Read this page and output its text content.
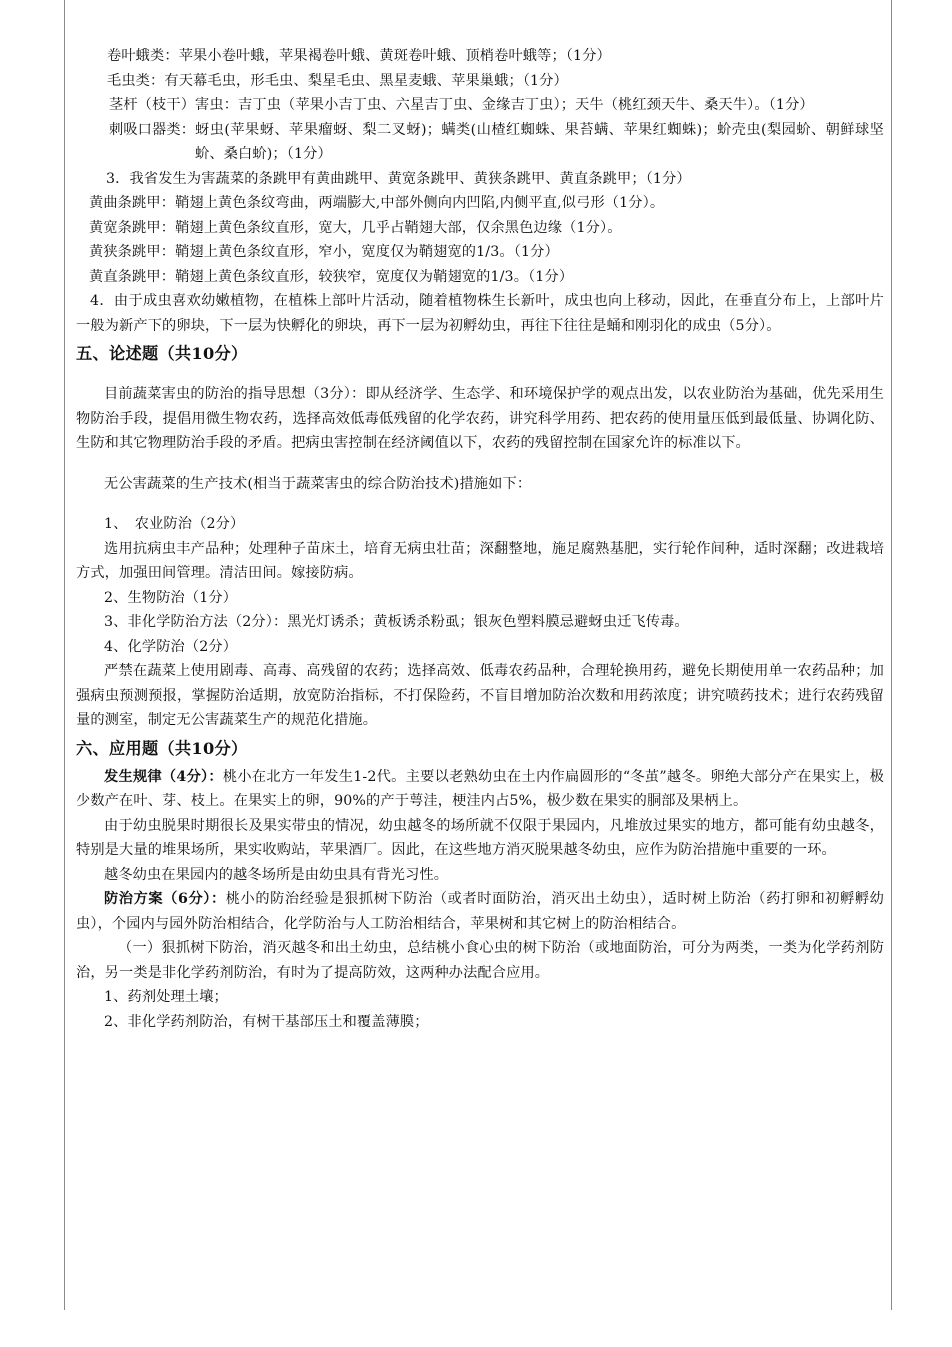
卷叶蛾类：苹果小卷叶蛾，苹果褐卷叶蛾、黄斑卷叶蛾、顶梢卷叶蛾等；（1分）

毛虫类：有天幕毛虫，形毛虫、梨星毛虫、黑星麦蛾、苹果巢蛾；（1分）

茎杆（枝干）害虫： 吉丁虫（苹果小吉丁虫、六星吉丁虫、金缘吉丁虫）；天牛（桃红颈天牛、桑天牛）。（1分）

刺吸口器类： 蚜虫(苹果蚜、苹果瘤蚜、梨二叉蚜)；螨类(山楂红蜘蛛、果苔螨、苹果红蜘蛛)；蚧壳虫(梨园蚧、朝鲜球坚蚧、桑白蚧)；（1分）

3．我省发生为害蔬菜的条跳甲有黄曲跳甲、黄宽条跳甲、黄狭条跳甲、黄直条跳甲；（1分）

黄曲条跳甲：鞘翅上黄色条纹弯曲，两端膨大,中部外侧向内凹陷,内侧平直,似弓形（1分）。

黄宽条跳甲：鞘翅上黄色条纹直形，宽大，几乎占鞘翅大部，仅余黑色边缘（1分）。

黄狭条跳甲：鞘翅上黄色条纹直形，窄小，宽度仅为鞘翅宽的1/3。（1分）

黄直条跳甲：鞘翅上黄色条纹直形，较狭窄，宽度仅为鞘翅宽的1/3。（1分）

4．由于成虫喜欢幼嫩植物，在植株上部叶片活动，随着植物株生长新叶，成虫也向上移动，因此，在垂直分布上，上部叶片一般为新产下的卵块，下一层为快孵化的卵块，再下一层为初孵幼虫，再往下往往是蛹和刚羽化的成虫（5分）。

五、论述题（共10分）

目前蔬菜害虫的防治的指导思想（3分）：即从经济学、生态学、和环境保护学的观点出发，以农业防治为基础，优先采用生物防治手段，提倡用微生物农药，选择高效低毒低残留的化学农药，讲究科学用药、把农药的使用量压低到最低量、协调化防、生防和其它物理防治手段的矛盾。把病虫害控制在经济阈值以下，农药的残留控制在国家允许的标准以下。

无公害蔬菜的生产技术(相当于蔬菜害虫的综合防治技术)措施如下：

1、　农业防治（2分）

选用抗病虫丰产品种；处理种子苗床土，培育无病虫壮苗；深翻整地，施足腐熟基肥，实行轮作间种，适时深翻；改进栽培方式，加强田间管理。清洁田间。嫁接防病。

2、生物防治（1分）

3、非化学防治方法（2分）：黑光灯诱杀；黄板诱杀粉虱；银灰色塑料膜忌避蚜虫迁飞传毒。

4、化学防治（2分）

严禁在蔬菜上使用剧毒、高毒、高残留的农药；选择高效、低毒农药品种，合理轮换用药，避免长期使用单一农药品种；加强病虫预测预报，掌握防治适期，放宽防治指标，不打保险药，不盲目增加防治次数和用药浓度；讲究喷药技术；进行农药残留量的测室，制定无公害蔬菜生产的规范化措施。

六、应用题（共10分）

发生规律（4分）：桃小在北方一年发生1-2代。主要以老熟幼虫在土内作扁圆形的“冬茧”越冬。卵绝大部分产在果实上，极少数产在叶、芽、枝上。在果实上的卵，90%的产于萼洼，梗洼内占5%，极少数在果实的胴部及果柄上。

由于幼虫脱果时期很长及果实带虫的情况，幼虫越冬的场所就不仅限于果园内，凡堆放过果实的地方，都可能有幼虫越冬，特别是大量的堆果场所，果实收购站，苹果酒厂。因此，在这些地方消灭脱果越冬幼虫，应作为防治措施中重要的一环。

越冬幼虫在果园内的越冬场所是由幼虫具有背光习性。

防治方案（6分）：桃小的防治经验是狠抓树下防治（或者时面防治，消灭出土幼虫），适时树上防治（药打卵和初孵孵幼虫），个园内与园外防治相结合，化学防治与人工防治相结合，苹果树和其它树上的防治相结合。

（一）狠抓树下防治，消灭越冬和出土幼虫，总结桃小食心虫的树下防治（或地面防治，可分为两类，一类为化学药剂防治，另一类是非化学药剂防治，有时为了提高防效，这两种办法配合应用。

1、药剂处理土壤；

2、非化学药剂防治，有树干基部压土和覆盖薄膜；
